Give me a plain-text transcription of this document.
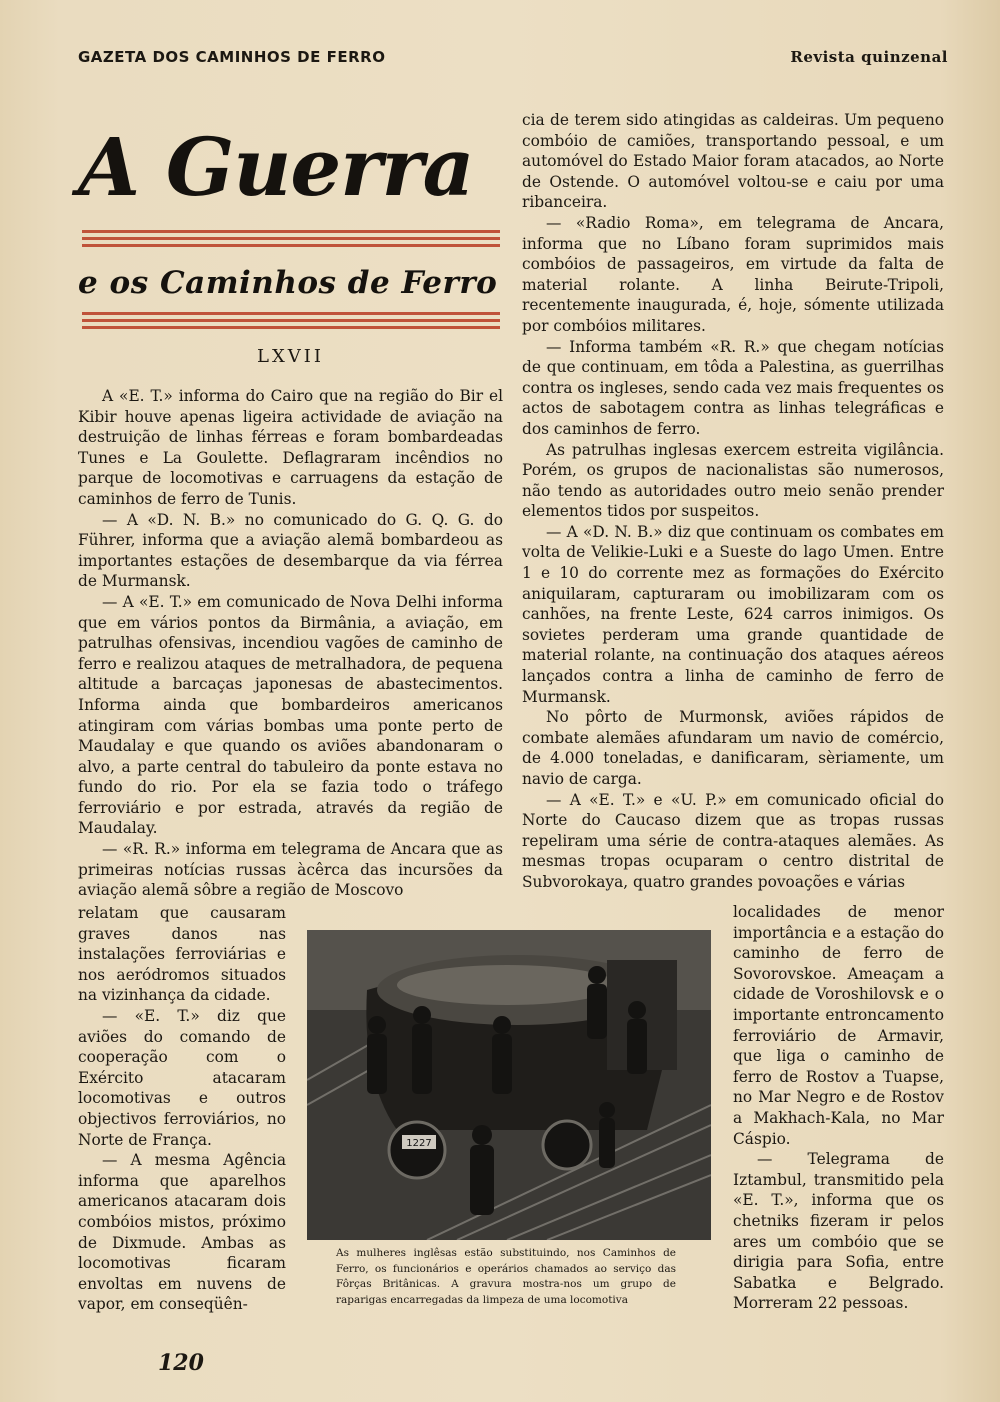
GAZETA DOS CAMINHOS DE FERRO	Revista quinzenal
A Guerra
e os Caminhos de Ferro
LXVII

A «E. T.» informa do Cairo que na região do Bir el Kibir houve apenas ligeira actividade de aviação na destruição de linhas férreas e foram bombardeadas Tunes e La Goulette. Deflagraram incêndios no parque de locomotivas e carruagens da estação de caminhos de ferro de Tunis.

— A «D. N. B.» no comunicado do G. Q. G. do Führer, informa que a aviação alemã bombardeou as importantes estações de desembarque da via férrea de Murmansk.

— A «E. T.» em comunicado de Nova Delhi informa que em vários pontos da Birmânia, a aviação, em patrulhas ofensivas, incendiou vagões de caminho de ferro e realizou ataques de metralhadora, de pequena altitude a barcaças japonesas de abastecimentos. Informa ainda que bombardeiros americanos atingiram com várias bombas uma ponte perto de Maudalay e que quando os aviões abandonaram o alvo, a parte central do tabuleiro da ponte estava no fundo do rio. Por ela se fazia todo o tráfego ferroviário e por estrada, através da região de Maudalay.

— «R. R.» informa em telegrama de Ancara que as primeiras notícias russas àcêrca das incursões da aviação alemã sôbre a região de Moscovo

relatam que causaram graves danos nas instalações ferroviárias e nos aeródromos situados na vizinhança da cidade.

— «E. T.» diz que aviões do comando de cooperação com o Exército atacaram locomotivas e outros objectivos ferroviários, no Norte de França.

— A mesma Agência informa que aparelhos americanos atacaram dois combóios mistos, próximo de Dixmude. Ambas as locomotivas ficaram envoltas em nuvens de vapor, em conseqüên-

cia de terem sido atingidas as caldeiras. Um pequeno combóio de camiões, transportando pessoal, e um automóvel do Estado Maior foram atacados, ao Norte de Ostende. O automóvel voltou-se e caiu por uma ribanceira.

— «Radio Roma», em telegrama de Ancara, informa que no Líbano foram suprimidos mais combóios de passageiros, em virtude da falta de material rolante. A linha Beirute-Tripoli, recentemente inaugurada, é, hoje, sómente utilizada por combóios militares.

— Informa também «R. R.» que chegam notícias de que continuam, em tôda a Palestina, as guerrilhas contra os ingleses, sendo cada vez mais frequentes os actos de sabotagem contra as linhas telegráficas e dos caminhos de ferro.

As patrulhas inglesas exercem estreita vigilância. Porém, os grupos de nacionalistas são numerosos, não tendo as autoridades outro meio senão prender elementos tidos por suspeitos.

— A «D. N. B.» diz que continuam os combates em volta de Velikie-Luki e a Sueste do lago Umen. Entre 1 e 10 do corrente mez as formações do Exército aniquilaram, capturaram ou imobilizaram com os canhões, na frente Leste, 624 carros inimigos. Os sovietes perderam uma grande quantidade de material rolante, na continuação dos ataques aéreos lançados contra a linha de caminho de ferro de Murmansk.

No pôrto de Murmonsk, aviões rápidos de combate alemães afundaram um navio de comércio, de 4.000 toneladas, e danificaram, sèriamente, um navio de carga.

— A «E. T.» e «U. P.» em comunicado oficial do Norte do Caucaso dizem que as tropas russas repeliram uma série de contra-ataques alemães. As mesmas tropas ocuparam o centro distrital de Subvorokaya, quatro grandes povoações e várias

localidades de menor importância e a estação do caminho de ferro de Sovorovskoe. Ameaçam a cidade de Voroshilovsk e o importante entroncamento ferroviário de Armavir, que liga o caminho de ferro de Rostov a Tuapse, no Mar Negro e de Rostov a Makhach-Kala, no Mar Cáspio.

— Telegrama de Iztambul, transmitido pela «E. T.», informa que os chetniks fizeram ir pelos ares um combóio que se dirigia para Sofia, entre Sabatka e Belgrado. Morreram 22 pessoas.

1227
As mulheres inglêsas estão substituindo, nos Caminhos de Ferro, os funcionários e operários chamados ao serviço das Fôrças Britânicas. A gravura mostra-nos um grupo de raparigas encarregadas da limpeza de uma locomotiva
120
